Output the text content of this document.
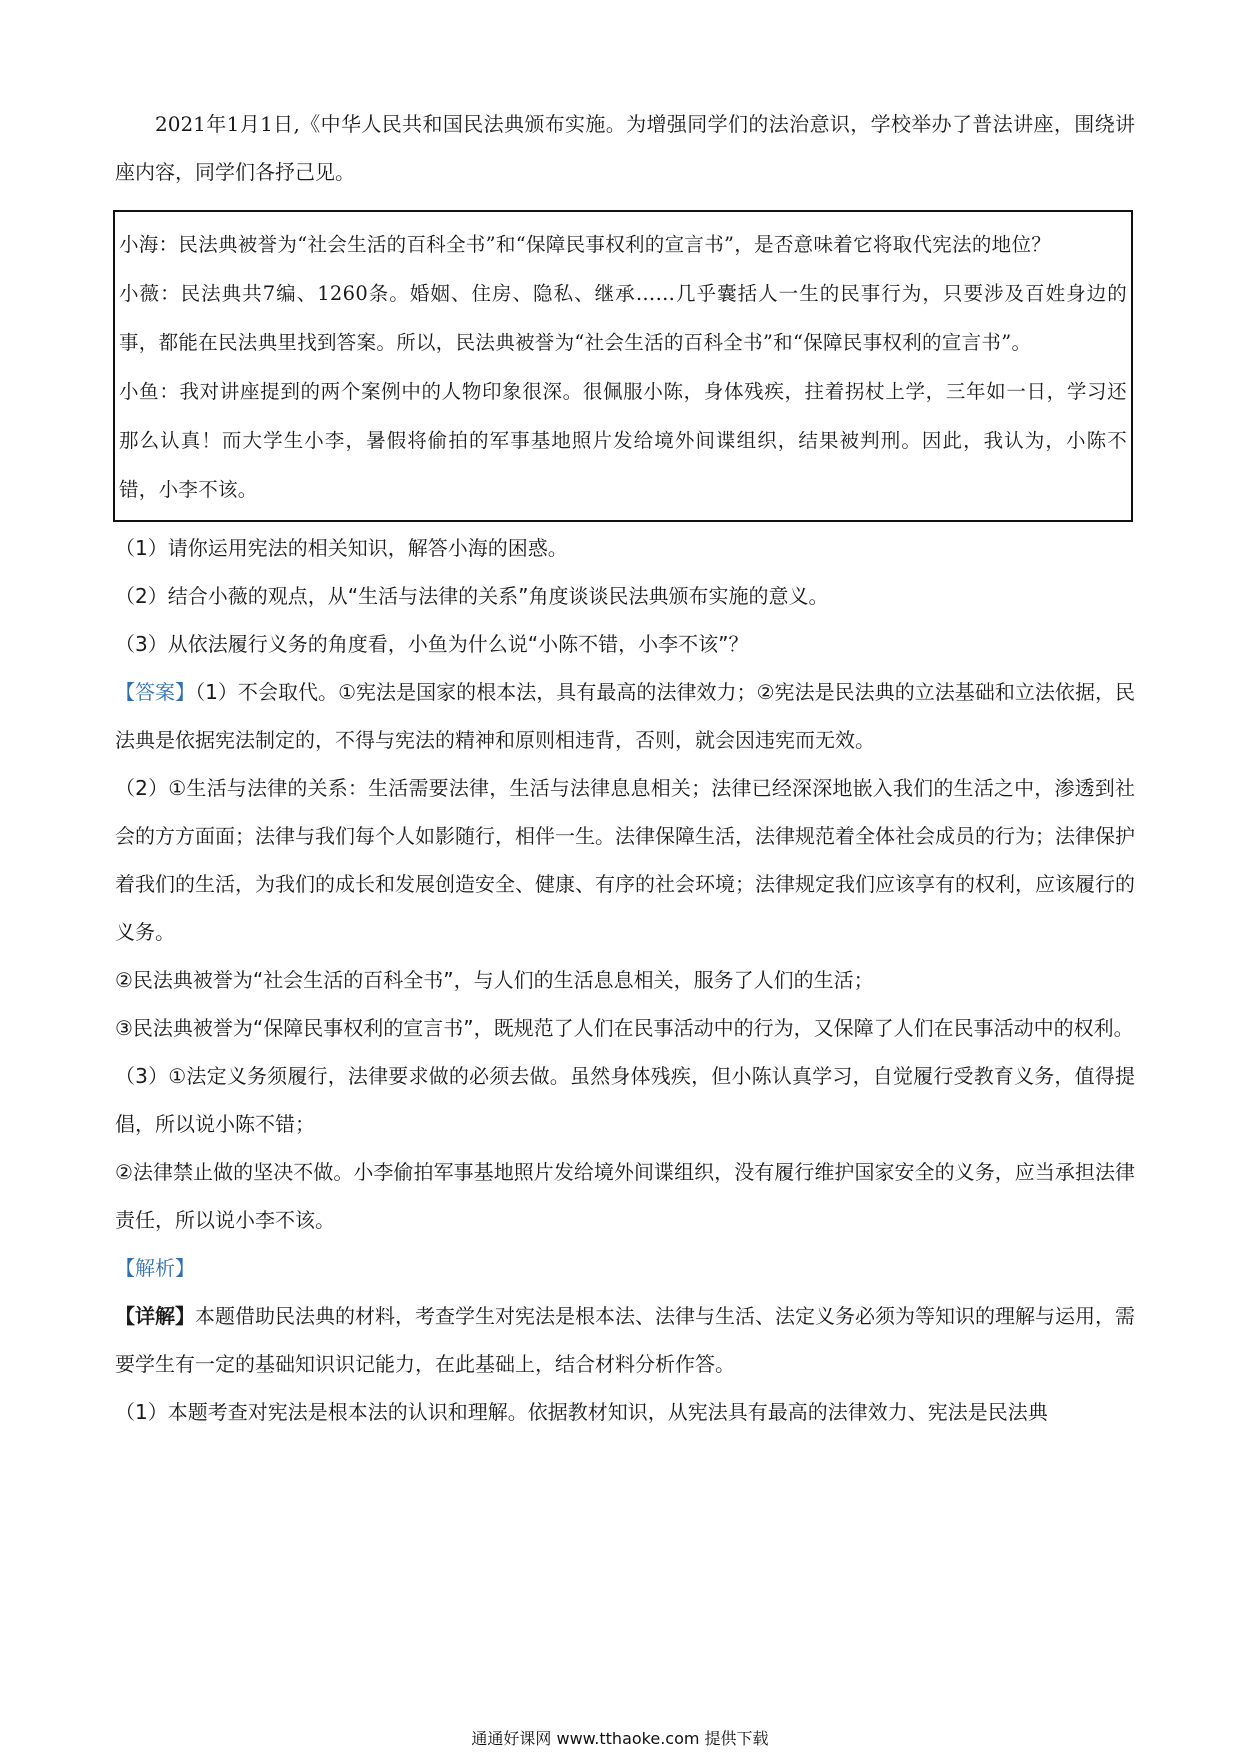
2021年1月1日,《中华人民共和国民法典颁布实施。为增强同学们的法治意识，学校举办了普法讲座，围绕讲座内容，同学们各抒己见。

小海：民法典被誉为“社会生活的百科全书”和“保障民事权利的宣言书”，是否意味着它将取代宪法的地位？

小薇：民法典共7编、1260条。婚姻、住房、隐私、继承……几乎囊括人一生的民事行为，只要涉及百姓身边的事，都能在民法典里找到答案。所以，民法典被誉为“社会生活的百科全书”和“保障民事权利的宣言书”。

小鱼：我对讲座提到的两个案例中的人物印象很深。很佩服小陈，身体残疾，拄着拐杖上学，三年如一日，学习还那么认真！而大学生小李，暑假将偷拍的军事基地照片发给境外间谍组织，结果被判刑。因此，我认为，小陈不错，小李不该。

（1）请你运用宪法的相关知识，解答小海的困惑。

（2）结合小薇的观点，从“生活与法律的关系”角度谈谈民法典颁布实施的意义。

（3）从依法履行义务的角度看，小鱼为什么说“小陈不错，小李不该”？

【答案】（1）不会取代。①宪法是国家的根本法，具有最高的法律效力；②宪法是民法典的立法基础和立法依据，民法典是依据宪法制定的，不得与宪法的精神和原则相违背，否则，就会因违宪而无效。

（2）①生活与法律的关系：生活需要法律，生活与法律息息相关；法律已经深深地嵌入我们的生活之中，渗透到社会的方方面面；法律与我们每个人如影随行，相伴一生。法律保障生活，法律规范着全体社会成员的行为；法律保护着我们的生活，为我们的成长和发展创造安全、健康、有序的社会环境；法律规定我们应该享有的权利，应该履行的义务。

②民法典被誉为“社会生活的百科全书”，与人们的生活息息相关，服务了人们的生活；

③民法典被誉为“保障民事权利的宣言书”，既规范了人们在民事活动中的行为，又保障了人们在民事活动中的权利。

（3）①法定义务须履行，法律要求做的必须去做。虽然身体残疾，但小陈认真学习，自觉履行受教育义务，值得提倡，所以说小陈不错；

②法律禁止做的坚决不做。小李偷拍军事基地照片发给境外间谍组织，没有履行维护国家安全的义务，应当承担法律责任，所以说小李不该。

【解析】

【详解】本题借助民法典的材料，考查学生对宪法是根本法、法律与生活、法定义务必须为等知识的理解与运用，需要学生有一定的基础知识识记能力，在此基础上，结合材料分析作答。

（1）本题考查对宪法是根本法的认识和理解。依据教材知识，从宪法具有最高的法律效力、宪法是民法典

通通好课网 www.tthaoke.com 提供下载
